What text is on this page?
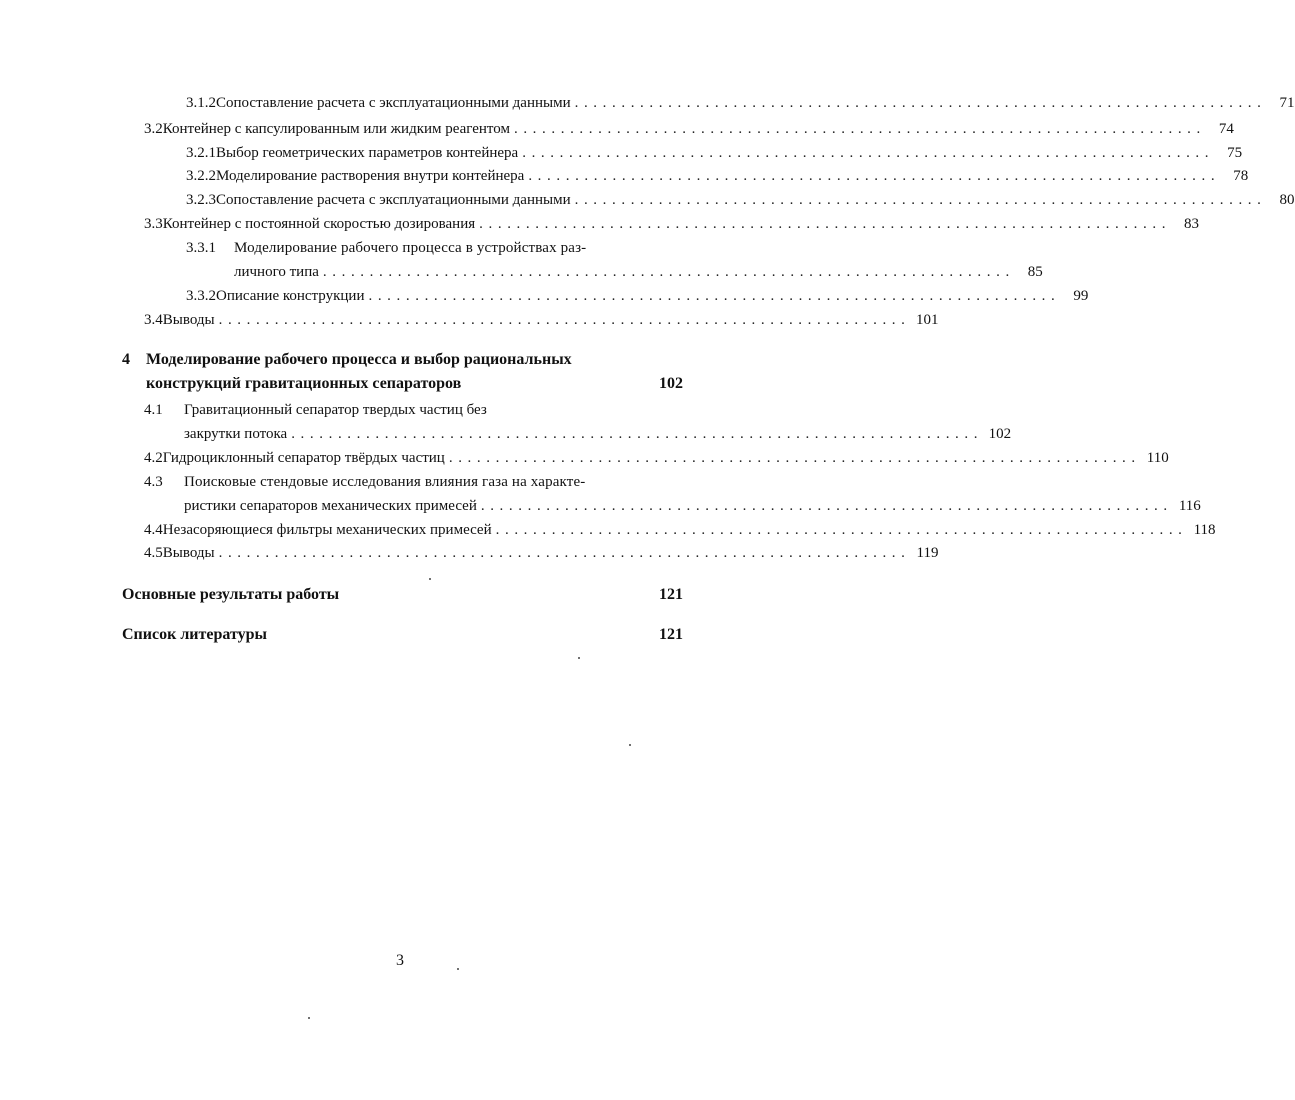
3.1.2 Сопоставление расчета с эксплуатационными данными .......................................................................... 71
3.2 Контейнер с капсулированным или жидким реагентом .......................................................................... 74
3.2.1 Выбор геометрических параметров контейнера .......................................................................... 75
3.2.2 Моделирование растворения внутри контейнера .......................................................................... 78
3.2.3 Сопоставление расчета с эксплуатационными данными .......................................................................... 80
3.3 Контейнер с постоянной скоростью дозирования .......................................................................... 83
3.3.1	Моделирование рабочего процесса в устройствах раз-
личного типа .......................................................................... 85
3.3.2 Описание конструкции .......................................................................... 99
3.4 Выводы .......................................................................... 101
4	Моделирование рабочего процесса и выбор рациональных
конструкций гравитационных сепараторов	102
4.1	Гравитационный сепаратор твердых частиц без
закрутки потока .......................................................................... 102
4.2 Гидроциклонный сепаратор твёрдых частиц .......................................................................... 110
4.3	Поисковые стендовые исследования влияния газа на характе-
ристики сепараторов механических примесей .......................................................................... 116
4.4 Незасоряющиеся фильтры механических примесей .......................................................................... 118
4.5 Выводы .......................................................................... 119
Основные результаты работы	121
Список литературы	121
3
